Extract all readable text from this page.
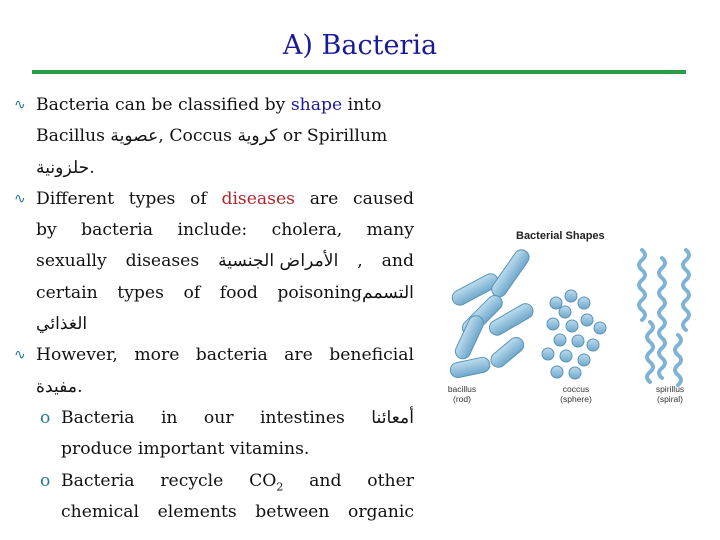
A) Bacteria
∿ Bacteria can be classified by shape into
Bacillus عصوية, Coccus كروية or Spirillum
حلزونية.
∿ Different types of diseases are caused
by bacteria include: cholera, many
sexually diseases الأمراض الجنسية , and
certain types of food poisoningالتسمم
الغذائي
∿ However, more bacteria are beneficial
مفيدة.
o Bacteria in our intestines أمعائنا
produce important vitamins.
o Bacteria recycle $CO_2$ and other
chemical elements between organic
Bacterial Shapes
bacillus
(rod)
coccus
(sphere)
spirillus
(spiral)
